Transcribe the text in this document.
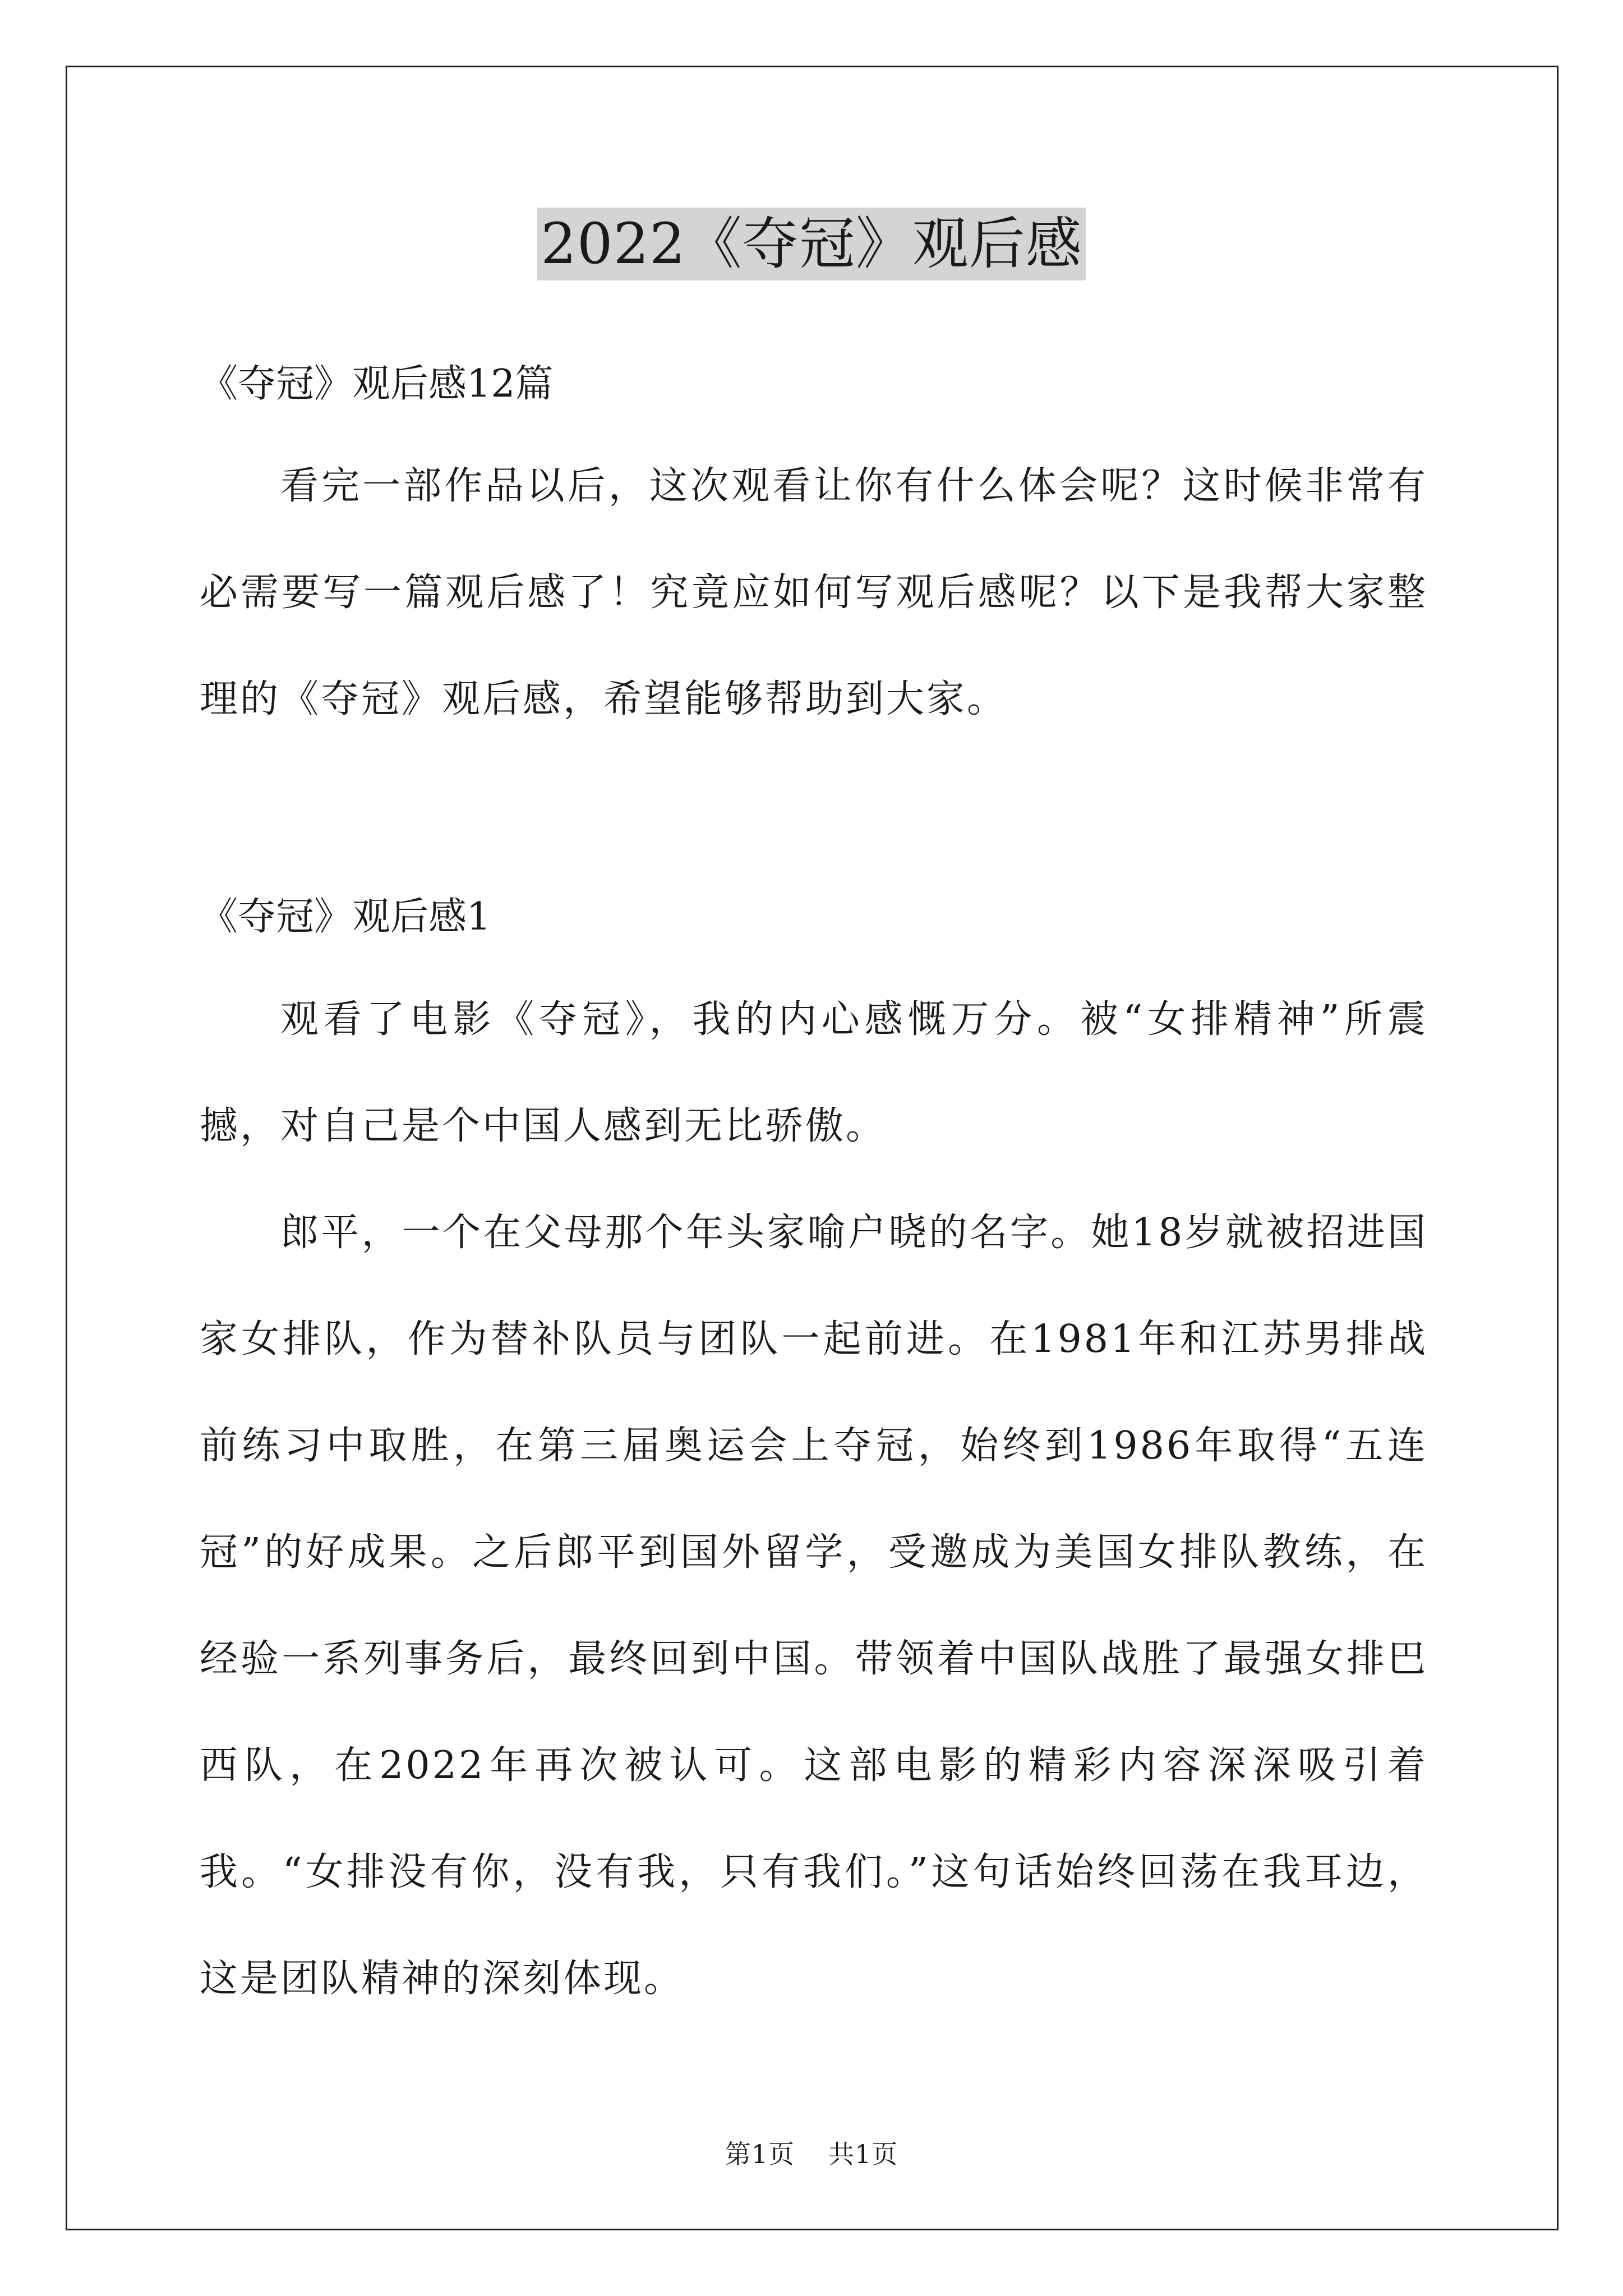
2022《夺冠》观后感

《夺冠》观后感12篇

看完一部作品以后，这次观看让你有什么体会呢？这时候非常有必需要写一篇观后感了！究竟应如何写观后感呢？以下是我帮大家整理的《夺冠》观后感，希望能够帮助到大家。

《夺冠》观后感1

观看了电影《夺冠》，我的内心感慨万分。被“女排精神”所震撼，对自己是个中国人感到无比骄傲。

郎平，一个在父母那个年头家喻户晓的名字。她18岁就被招进国家女排队，作为替补队员与团队一起前进。在1981年和江苏男排战前练习中取胜，在第三届奥运会上夺冠，始终到1986年取得“五连冠”的好成果。之后郎平到国外留学，受邀成为美国女排队教练，在经验一系列事务后，最终回到中国。带领着中国队战胜了最强女排巴西队，在2022年再次被认可。这部电影的精彩内容深深吸引着我。“女排没有你，没有我，只有我们。”这句话始终回荡在我耳边，这是团队精神的深刻体现。

第1页 共1页
